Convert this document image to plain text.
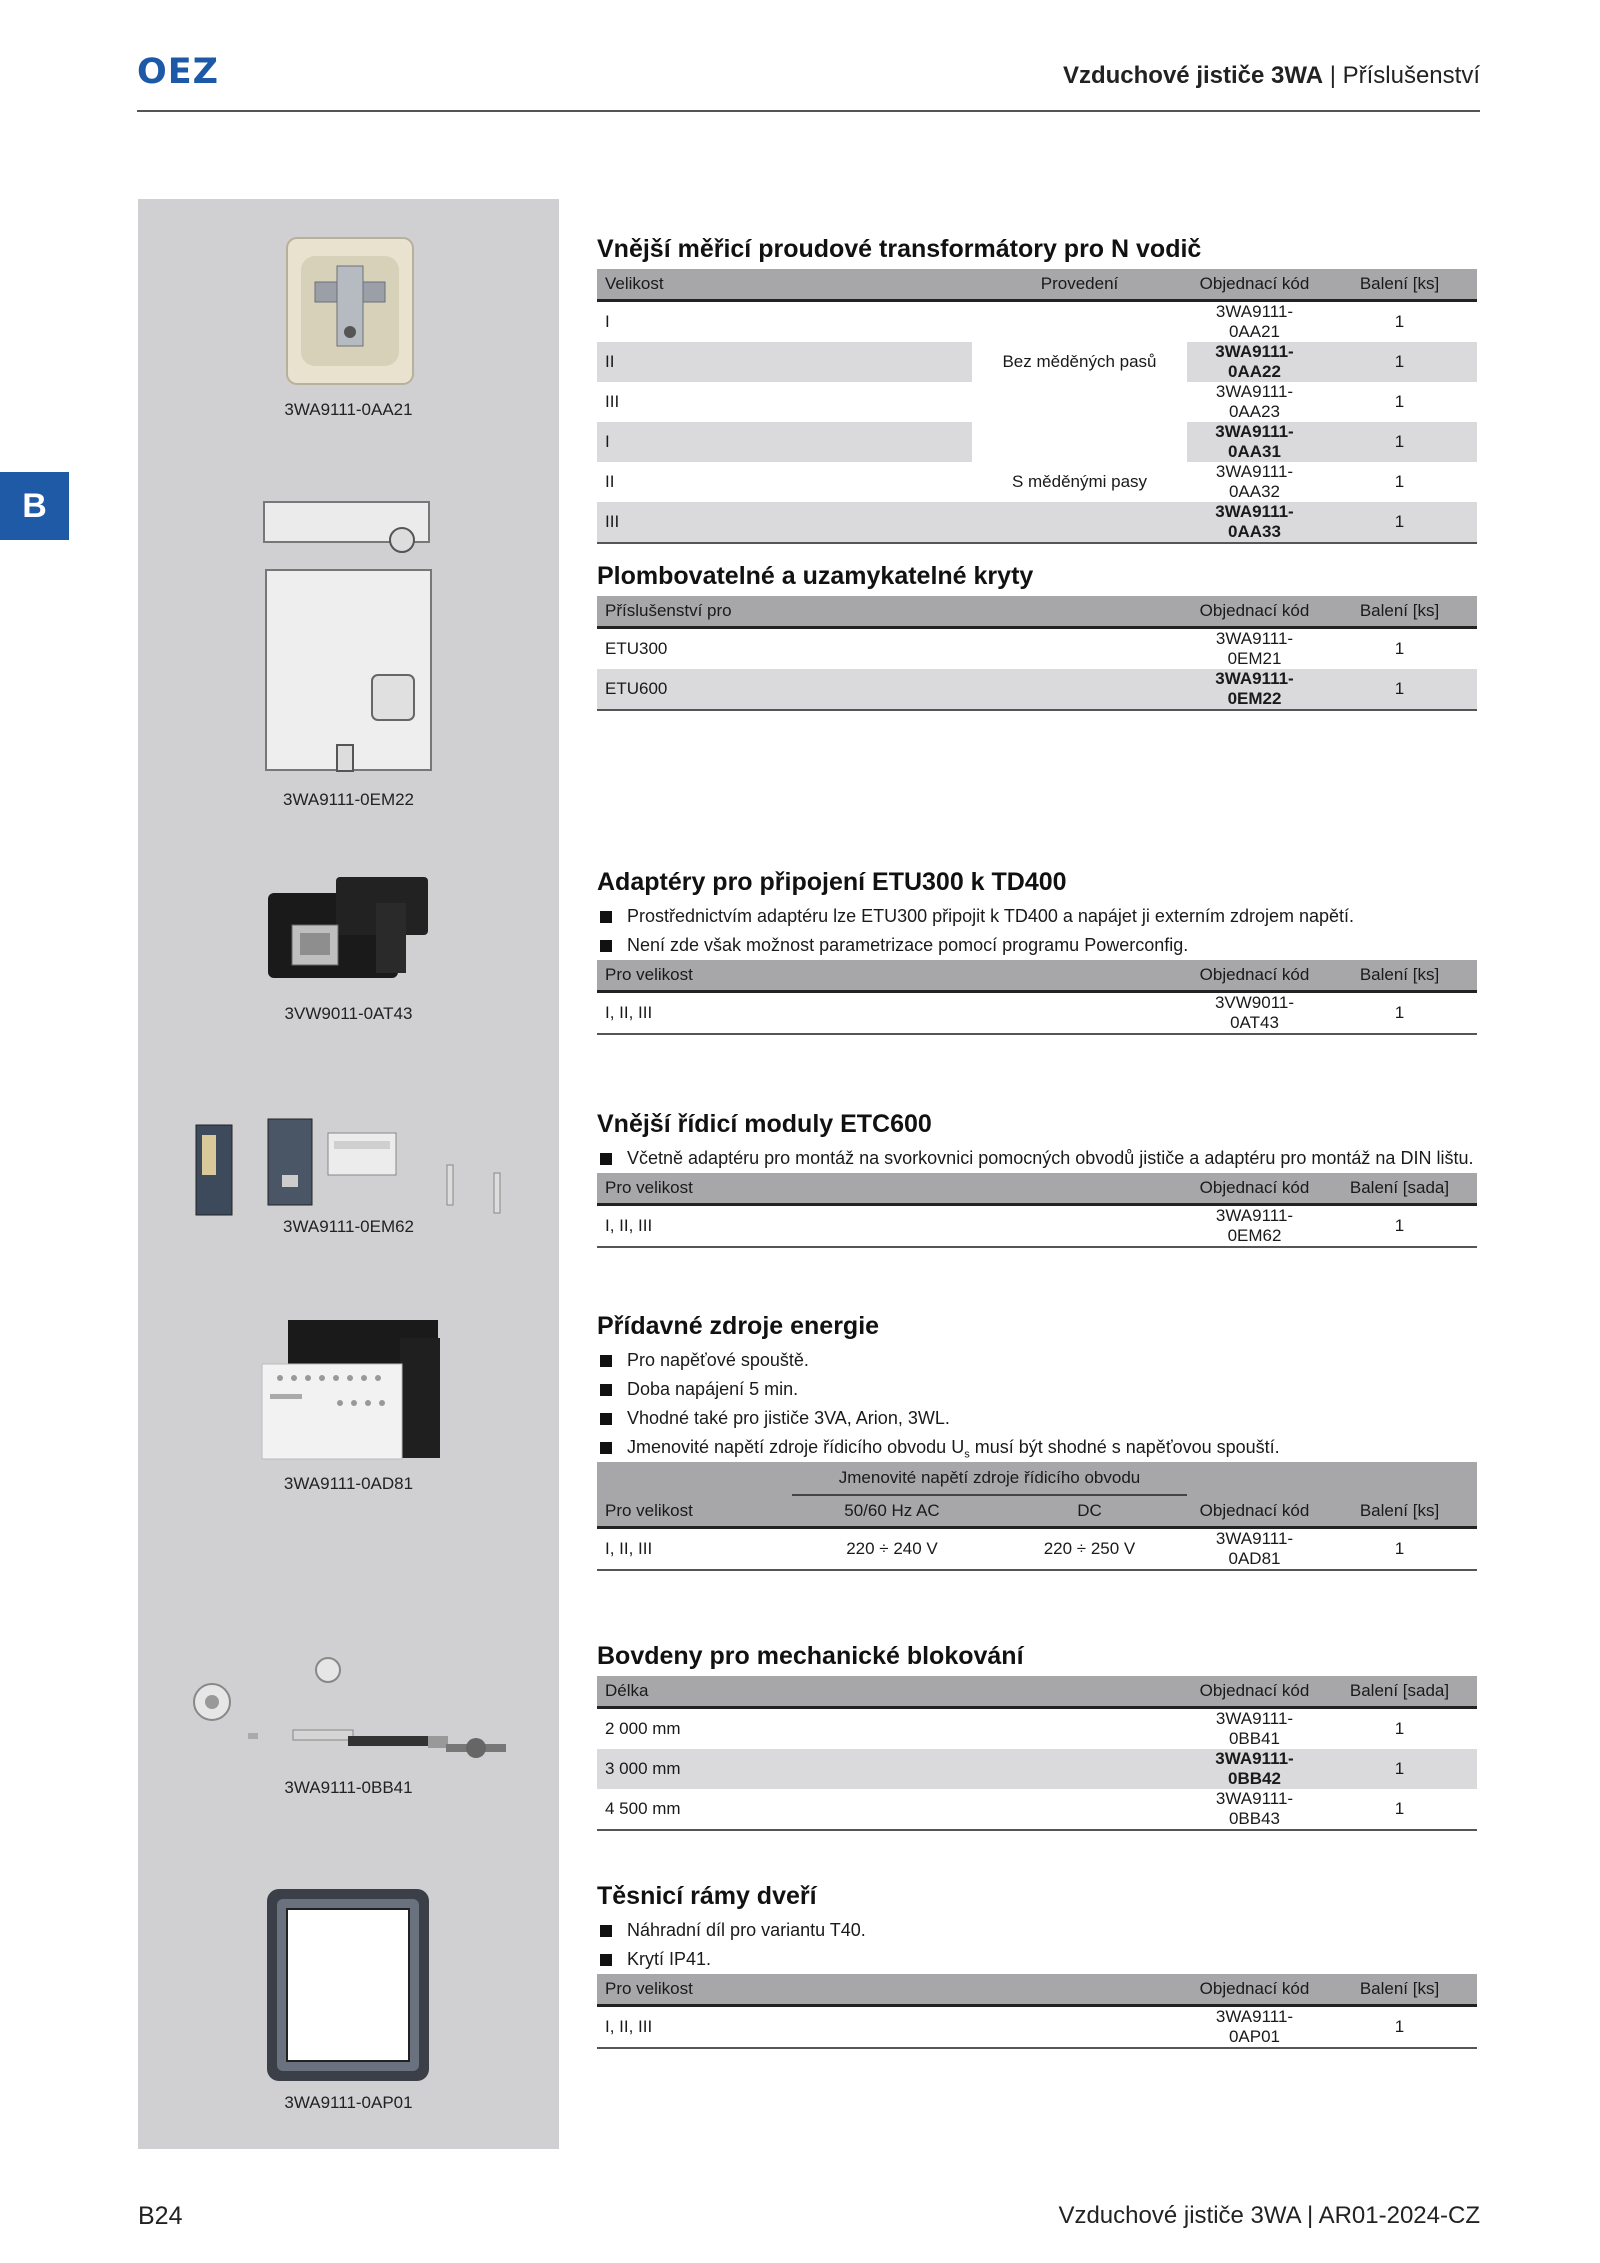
OEZ	Vzduchové jističe 3WA | Příslušenství
B
3WA9111-0AA21
3WA9111-0EM22
3VW9011-0AT43
3WA9111-0EM62
3WA9111-0AD81
3WA9111-0BB41
3WA9111-0AP01
Vnější měřicí proudové transformátory pro N vodič
Velikost	Provedení	Objednací kód	Balení [ks]
I		3WA9111-0AA21	1
II	Bez měděných pasů	3WA9111-0AA22	1
III		3WA9111-0AA23	1
I		3WA9111-0AA31	1
II	S měděnými pasy	3WA9111-0AA32	1
III		3WA9111-0AA33	1
Plombovatelné a uzamykatelné kryty
Příslušenství pro	Objednací kód	Balení [ks]
ETU300	3WA9111-0EM21	1
ETU600	3WA9111-0EM22	1
Adaptéry pro připojení ETU300 k TD400
Prostřednictvím adaptéru lze ETU300 připojit k TD400 a napájet ji externím zdrojem napětí.
Není zde však možnost parametrizace pomocí programu Powerconfig.
Pro velikost	Objednací kód	Balení [ks]
I, II, III	3VW9011-0AT43	1
Vnější řídicí moduly ETC600
Včetně adaptéru pro montáž na svorkovnici pomocných obvodů jističe a adaptéru pro montáž na DIN lištu.
Pro velikost	Objednací kód	Balení [sada]
I, II, III	3WA9111-0EM62	1
Přídavné zdroje energie
Pro napěťové spouště.
Doba napájení 5 min.
Vhodné také pro jističe 3VA, Arion, 3WL.
Jmenovité napětí zdroje řídicího obvodu $U_s$ musí být shodné s napěťovou spouští.
	Jmenovité napětí zdroje řídicího obvodu			
Pro velikost	50/60 Hz AC	DC	Objednací kód	Balení [ks]
I, II, III	220 ÷ 240 V	220 ÷ 250 V	3WA9111-0AD81	1
Bovdeny pro mechanické blokování
Délka	Objednací kód	Balení [sada]
2 000 mm	3WA9111-0BB41	1
3 000 mm	3WA9111-0BB42	1
4 500 mm	3WA9111-0BB43	1
Těsnicí rámy dveří
Náhradní díl pro variantu T40.
Krytí IP41.
Pro velikost	Objednací kód	Balení [ks]
I, II, III	3WA9111-0AP01	1
B24	Vzduchové jističe 3WA | AR01-2024-CZ
